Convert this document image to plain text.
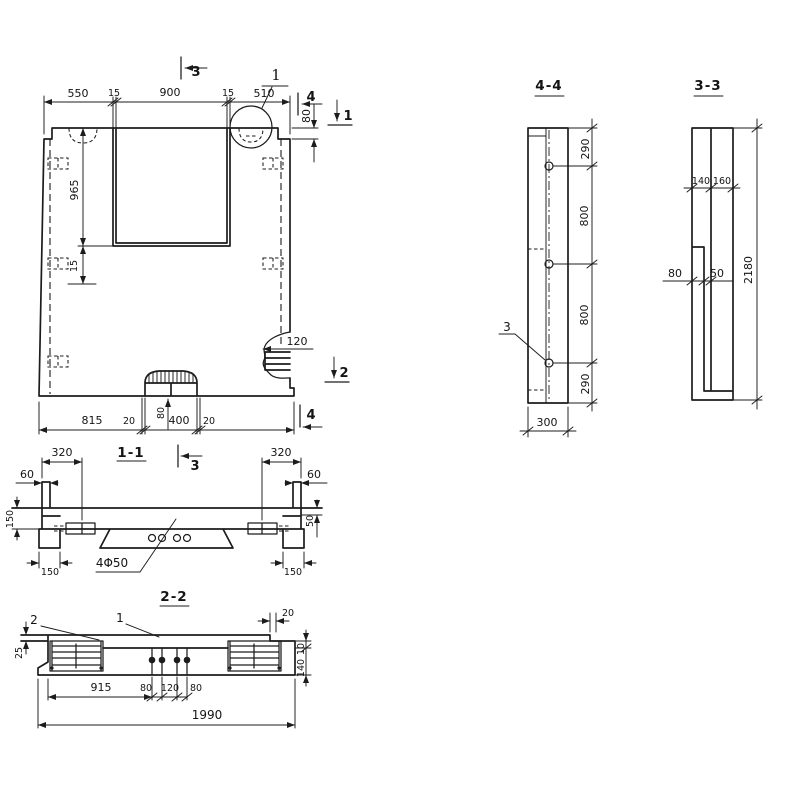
550 15	900	15 510
80
965
15
120
815 20
80
400 20
3
4
1
2
4
1
1-1
3
320
60
150
320
60
50
150	150
4Φ50
2-2
2	1
25
20
10
140
915	80 120 80
1990
4-4
290
800
800
290
300
3
3-3
140 160
80	50 2180
